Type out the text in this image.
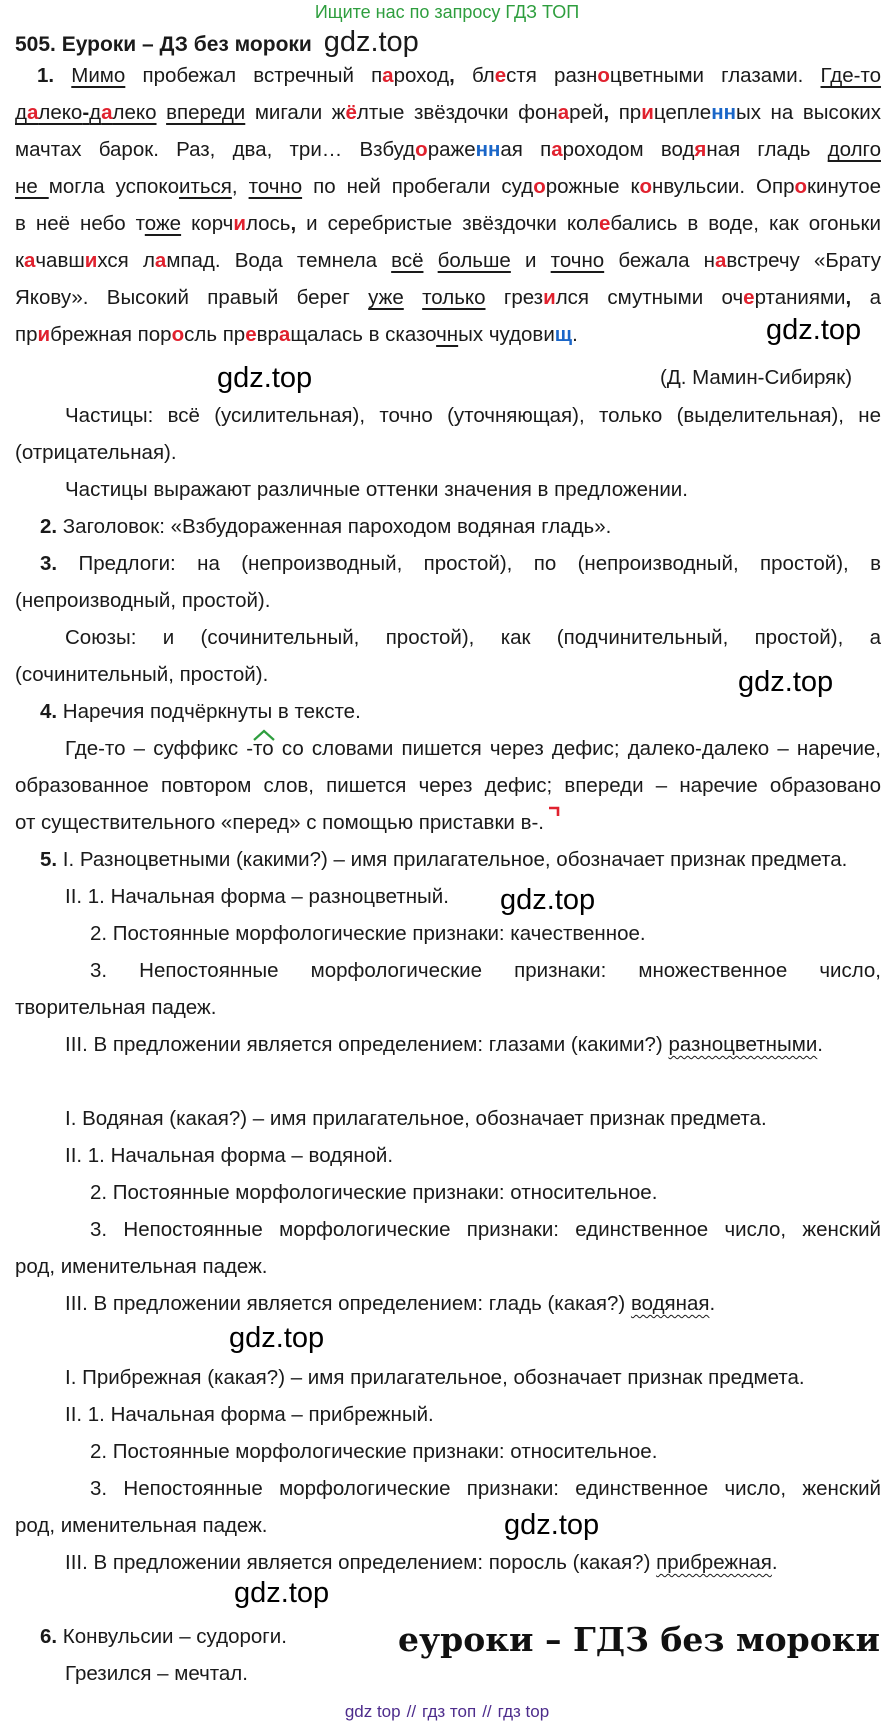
Ищите нас по запросу ГДЗ ТОП
505. Еуроки – ДЗ без мороки gdz.top
1. Мимо пробежал встречный пароход, блестя разноцветными глазами. Где-то
далеко-далеко впереди мигали жёлтые звёздочки фонарей, прицепленных на высоких
мачтах барок. Раз, два, три… Взбудораженная пароходом водяная гладь долго
не могла успокоиться, точно по ней пробегали судорожные конвульсии. Опрокинутое
в неё небо тоже корчилось, и серебристые звёздочки колебались в воде, как огоньки
качавшихся лампад. Вода темнела всё больше и точно бежала навстречу «Брату
Якову». Высокий правый берег уже только грезился смутными очертаниями, а
прибрежная поросль превращалась в сказочных чудовищ.
(Д. Мамин-Сибиряк)
Частицы: всё (усилительная), точно (уточняющая), только (выделительная), не
(отрицательная).
Частицы выражают различные оттенки значения в предложении.
2. Заголовок: «Взбудораженная пароходом водяная гладь».
3. Предлоги: на (непроизводный, простой), по (непроизводный, простой), в
(непроизводный, простой).
Союзы: и (сочинительный, простой), как (подчинительный, простой), а
(сочинительный, простой).
4. Наречия подчёркнуты в тексте.
Где-то – суффикс -то со словами пишется через дефис; далеко-далеко – наречие,
образованное повтором слов, пишется через дефис; впереди – наречие образовано
от существительного «перед» с помощью приставки в-.
5. I. Разноцветными (какими?) – имя прилагательное, обозначает признак предмета.
II. 1. Начальная форма – разноцветный.
2. Постоянные морфологические признаки: качественное.
3. Непостоянные морфологические признаки: множественное число,
творительная падеж.
III. В предложении является определением: глазами (какими?) разноцветными.
I. Водяная (какая?) – имя прилагательное, обозначает признак предмета.
II. 1. Начальная форма – водяной.
2. Постоянные морфологические признаки: относительное.
3. Непостоянные морфологические признаки: единственное число, женский
род, именительная падеж.
III. В предложении является определением: гладь (какая?) водяная.
I. Прибрежная (какая?) – имя прилагательное, обозначает признак предмета.
II. 1. Начальная форма – прибрежный.
2. Постоянные морфологические признаки: относительное.
3. Непостоянные морфологические признаки: единственное число, женский
род, именительная падеж.
III. В предложении является определением: поросль (какая?) прибрежная.
6. Конвульсии – судороги.
Грезился – мечтал.
gdz.top
gdz.top
gdz.top
gdz.top
gdz.top
gdz.top
gdz.top
еуроки – ГДЗ без мороки
gdz top // гдз топ // гдз top
